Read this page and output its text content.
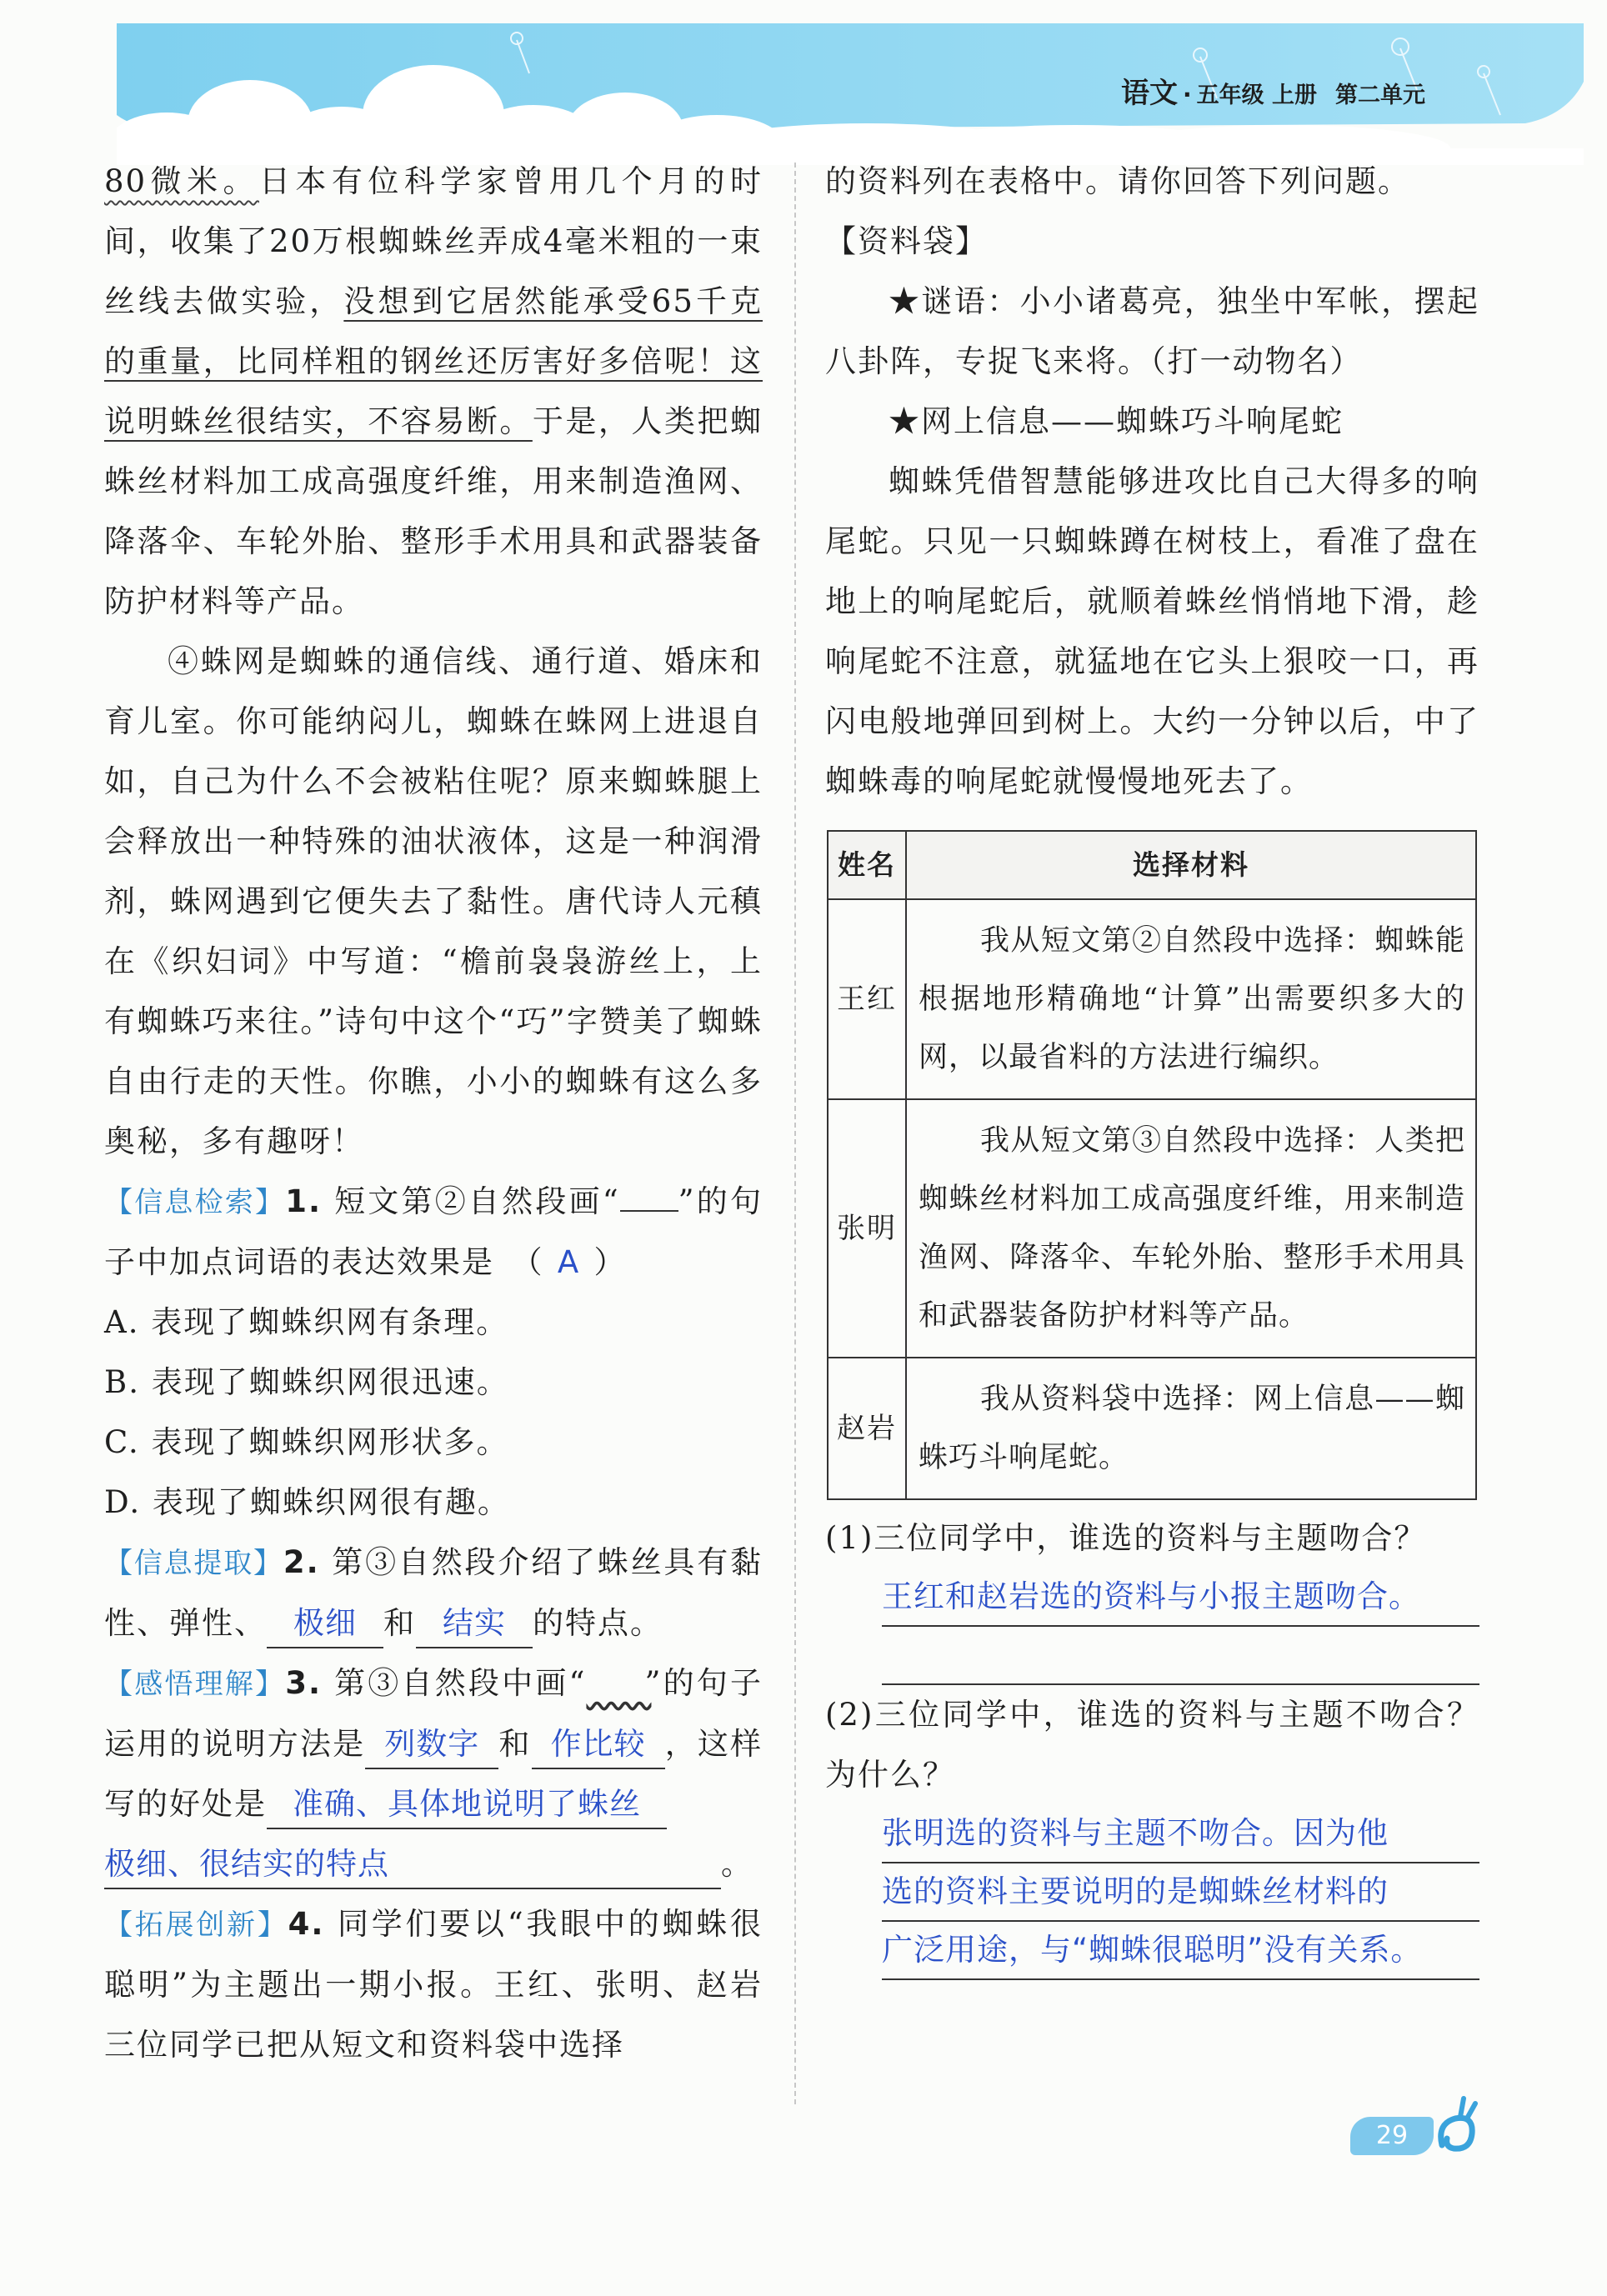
语文 · 五年级 上册 第二单元

80微米。日本有位科学家曾用几个月的时间，收集了20万根蜘蛛丝弄成4毫米粗的一束丝线去做实验，没想到它居然能承受65千克的重量，比同样粗的钢丝还厉害好多倍呢！这说明蛛丝很结实，不容易断。于是，人类把蜘蛛丝材料加工成高强度纤维，用来制造渔网、降落伞、车轮外胎、整形手术用具和武器装备防护材料等产品。

④蛛网是蜘蛛的通信线、通行道、婚床和育儿室。你可能纳闷儿，蜘蛛在蛛网上进退自如，自己为什么不会被粘住呢？原来蜘蛛腿上会释放出一种特殊的油状液体，这是一种润滑剂，蛛网遇到它便失去了黏性。唐代诗人元稹在《织妇词》中写道：“檐前袅袅游丝上，上有蜘蛛巧来往。”诗句中这个“巧”字赞美了蜘蛛自由行走的天性。你瞧，小小的蜘蛛有这么多奥秘，多有趣呀！

【信息检索】1. 短文第②自然段画“ ”的句子中加点词语的表达效果是　 （ A ）

A. 表现了蜘蛛织网有条理。

B. 表现了蜘蛛织网很迅速。

C. 表现了蜘蛛织网形状多。

D. 表现了蜘蛛织网很有趣。

【信息提取】2. 第③自然段介绍了蛛丝具有黏性、弹性、 极细 和 结实 的特点。

【感悟理解】3. 第③自然段中画“　　 ”的句子运用的说明方法是 列数字 和 作比较 ，这样写的好处是 准确、具体地说明了蛛丝

极细、很结实的特点	。

【拓展创新】4. 同学们要以“我眼中的蜘蛛很聪明”为主题出一期小报。王红、张明、赵岩三位同学已把从短文和资料袋中选择

的资料列在表格中。请你回答下列问题。

【资料袋】

★谜语：小小诸葛亮，独坐中军帐，摆起八卦阵，专捉飞来将。（打一动物名）

★网上信息——蜘蛛巧斗响尾蛇

蜘蛛凭借智慧能够进攻比自己大得多的响尾蛇。只见一只蜘蛛蹲在树枝上，看准了盘在地上的响尾蛇后，就顺着蛛丝悄悄地下滑，趁响尾蛇不注意，就猛地在它头上狠咬一口，再闪电般地弹回到树上。大约一分钟以后，中了蜘蛛毒的响尾蛇就慢慢地死去了。

姓名	选择材料
王红	我从短文第②自然段中选择：蜘蛛能根据地形精确地“计算”出需要织多大的网，以最省料的方法进行编织。
张明	我从短文第③自然段中选择：人类把蜘蛛丝材料加工成高强度纤维，用来制造渔网、降落伞、车轮外胎、整形手术用具和武器装备防护材料等产品。
赵岩	我从资料袋中选择：网上信息——蜘蛛巧斗响尾蛇。

(1)三位同学中，谁选的资料与主题吻合？

王红和赵岩选的资料与小报主题吻合。

(2)三位同学中，谁选的资料与主题不吻合？为什么？

张明选的资料与主题不吻合。因为他
选的资料主要说明的是蜘蛛丝材料的
广泛用途，与“蜘蛛很聪明”没有关系。
29
